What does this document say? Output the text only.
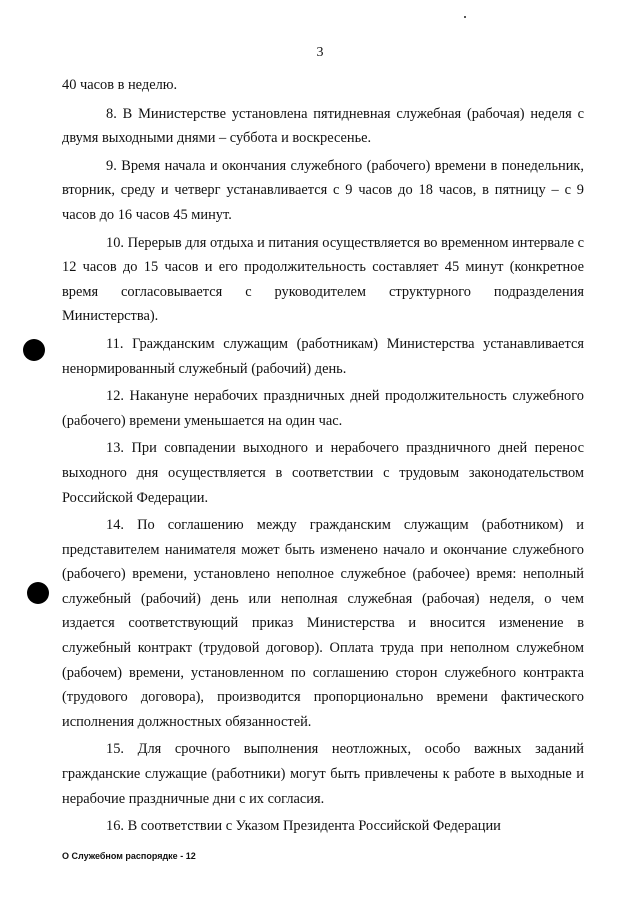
3

40 часов в неделю.

8. В Министерстве установлена пятидневная служебная (рабочая) неделя с двумя выходными днями – суббота и воскресенье.

9. Время начала и окончания служебного (рабочего) времени в понедельник, вторник, среду и четверг устанавливается с 9 часов до 18 часов, в пятницу – с 9 часов до 16 часов 45 минут.

10. Перерыв для отдыха и питания осуществляется во временном интервале с 12 часов до 15 часов и его продолжительность составляет 45 минут (конкретное время согласовывается с руководителем структурного подразделения Министерства).

11. Гражданским служащим (работникам) Министерства устанавливается ненормированный служебный (рабочий) день.

12. Накануне нерабочих праздничных дней продолжительность служебного (рабочего) времени уменьшается на один час.

13. При совпадении выходного и нерабочего праздничного дней перенос выходного дня осуществляется в соответствии с трудовым законодательством Российской Федерации.

14. По соглашению между гражданским служащим (работником) и представителем нанимателя может быть изменено начало и окончание служебного (рабочего) времени, установлено неполное служебное (рабочее) время: неполный служебный (рабочий) день или неполная служебная (рабочая) неделя, о чем издается соответствующий приказ Министерства и вносится изменение в служебный контракт (трудовой договор). Оплата труда при неполном служебном (рабочем) времени, установленном по соглашению сторон служебного контракта (трудового договора), производится пропорционально времени фактического исполнения должностных обязанностей.

15. Для срочного выполнения неотложных, особо важных заданий гражданские служащие (работники) могут быть привлечены к работе в выходные и нерабочие праздничные дни с их согласия.

16. В соответствии с Указом Президента Российской Федерации

О Служебном распорядке - 12
